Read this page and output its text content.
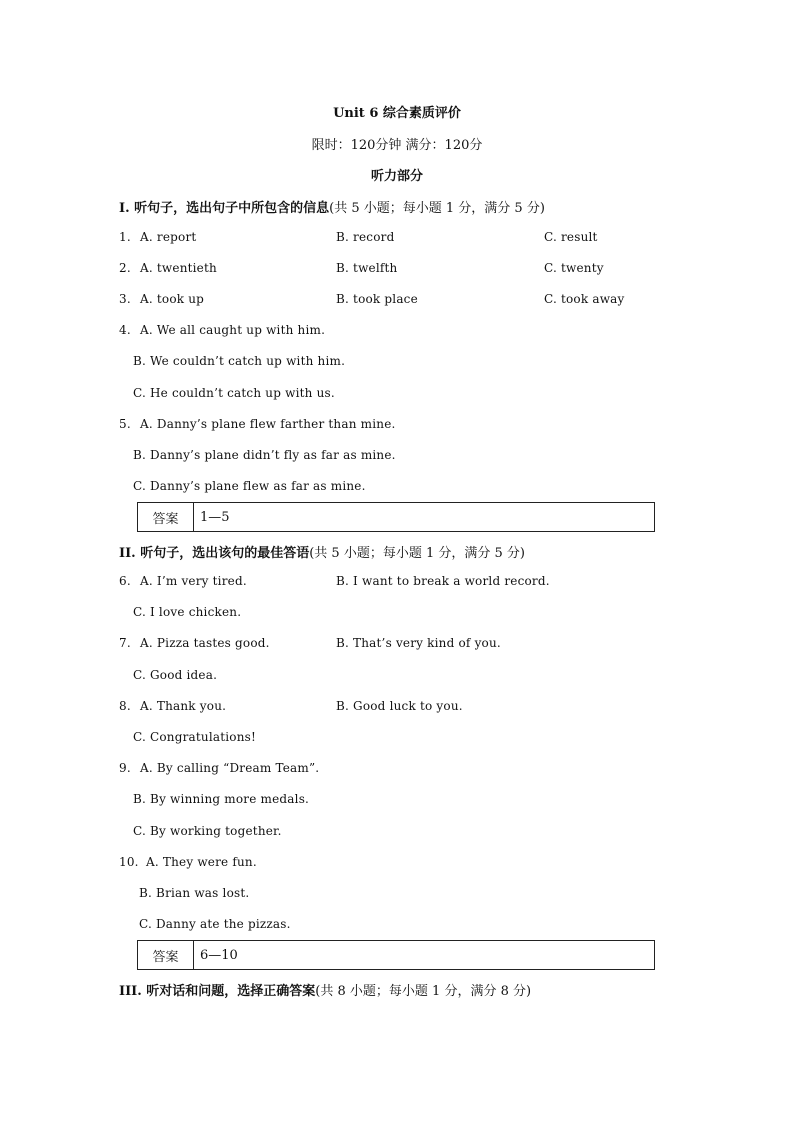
Unit 6 综合素质评价
限时：120分钟 满分：120分
听力部分
I. 听句子，选出句子中所包含的信息(共 5 小题；每小题 1 分，满分 5 分)
1. A. report	B. record	C. result
2. A. twentieth	B. twelfth	C. twenty
3. A. took up	B. took place	C. took away
4. A. We all caught up with him.
B. We couldn’t catch up with him.
C. He couldn’t catch up with us.
5. A. Danny’s plane flew farther than mine.
B. Danny’s plane didn’t fly as far as mine.
C. Danny’s plane flew as far as mine.
答案	1—5
II. 听句子，选出该句的最佳答语(共 5 小题；每小题 1 分，满分 5 分)
6. A. I’m very tired.	B. I want to break a world record.
C. I love chicken.
7. A. Pizza tastes good.	B. That’s very kind of you.
C. Good idea.
8. A. Thank you.	B. Good luck to you.
C. Congratulations!
9. A. By calling “Dream Team”.
B. By winning more medals.
C. By working together.
10. A. They were fun.
B. Brian was lost.
C. Danny ate the pizzas.
答案	6—10
III. 听对话和问题，选择正确答案(共 8 小题；每小题 1 分，满分 8 分)
